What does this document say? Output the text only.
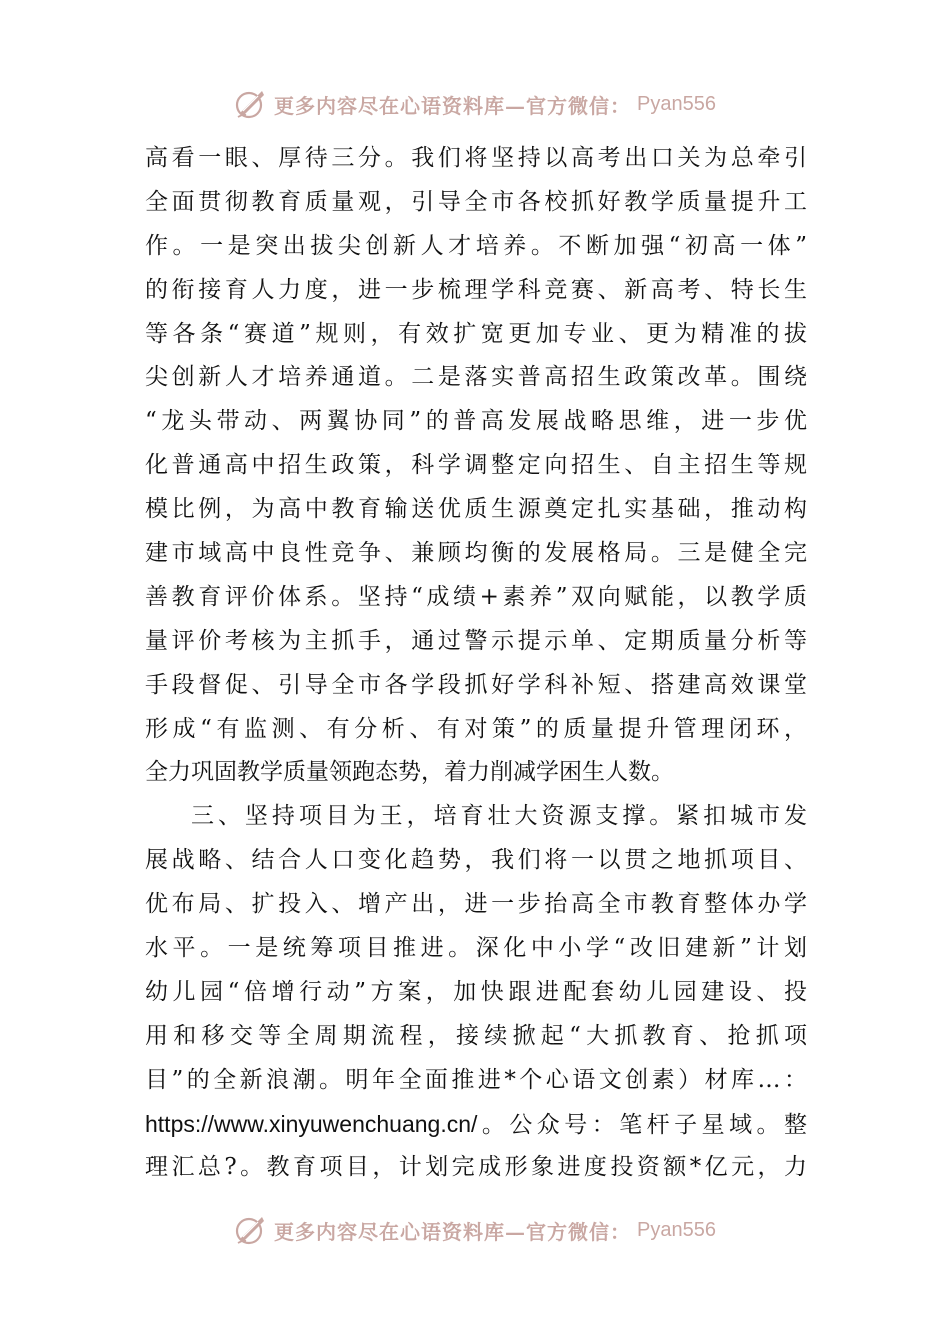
更多内容尽在心语资料库—官方微信： Pyan556
高看一眼、厚待三分。我们将坚持以高考出口关为总牵引
全面贯彻教育质量观，引导全市各校抓好教学质量提升工
作。一是突出拔尖创新人才培养。不断加强“初高一体”
的衔接育人力度，进一步梳理学科竞赛、新高考、特长生
等各条“赛道”规则，有效扩宽更加专业、更为精准的拔
尖创新人才培养通道。二是落实普高招生政策改革。围绕
“龙头带动、两翼协同”的普高发展战略思维，进一步优
化普通高中招生政策，科学调整定向招生、自主招生等规
模比例，为高中教育输送优质生源奠定扎实基础，推动构
建市域高中良性竞争、兼顾均衡的发展格局。三是健全完
善教育评价体系。坚持“成绩+素养”双向赋能，以教学质
量评价考核为主抓手，通过警示提示单、定期质量分析等
手段督促、引导全市各学段抓好学科补短、搭建高效课堂
形成“有监测、有分析、有对策”的质量提升管理闭环，
全力巩固教学质量领跑态势，着力削减学困生人数。
三、坚持项目为王，培育壮大资源支撑。紧扣城市发
展战略、结合人口变化趋势，我们将一以贯之地抓项目、
优布局、扩投入、增产出，进一步抬高全市教育整体办学
水平。一是统筹项目推进。深化中小学“改旧建新”计划
幼儿园“倍增行动”方案，加快跟进配套幼儿园建设、投
用和移交等全周期流程，接续掀起“大抓教育、抢抓项
目”的全新浪潮。明年全面推进*个心语文创素）材库…：
https://www.xinyuwenchuang.cn/。公众号：笔杆子星域。整
理汇总?。教育项目，计划完成形象进度投资额*亿元，力
更多内容尽在心语资料库—官方微信： Pyan556
